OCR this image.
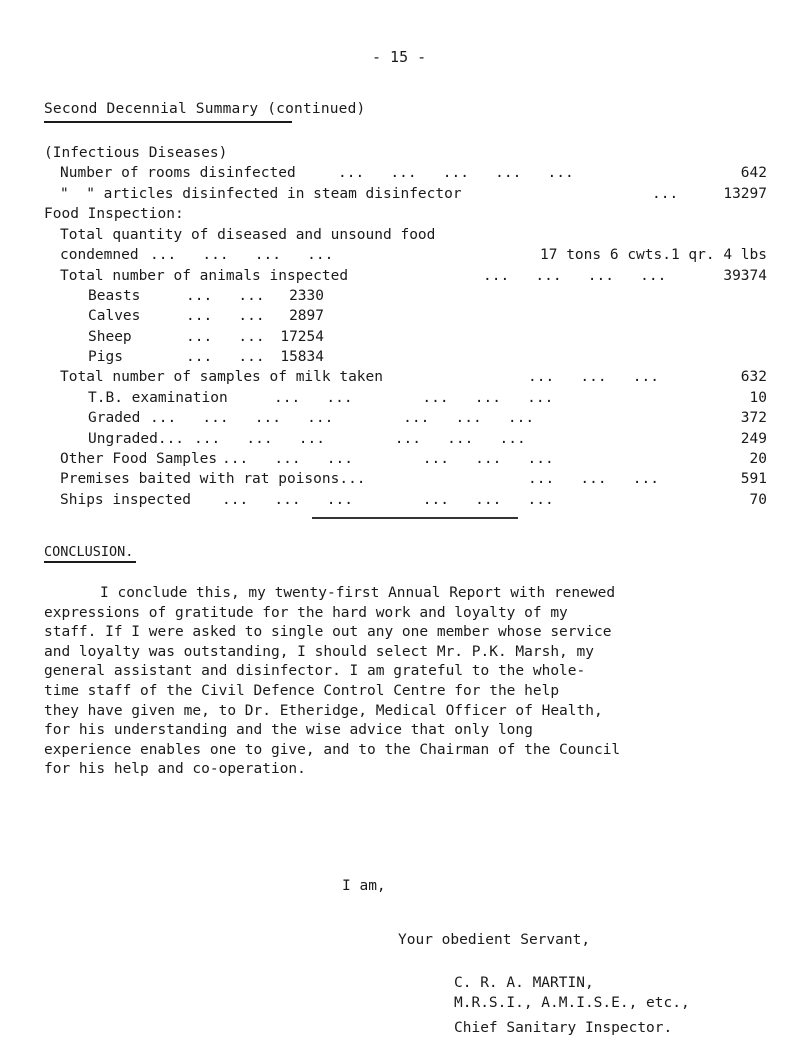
- 15 -
Second Decennial Summary (continued)
(Infectious Diseases)
Number of rooms disinfected	...   ...   ...   ...   ...	642
"  " articles disinfected in steam disinfector	...	13297
Food Inspection:
Total quantity of diseased and unsound food
condemned ...   ...   ...   ...	17 tons 6 cwts.1 qr. 4 lbs
Total number of animals inspected	...   ...   ...   ...	39374
Beasts	...   ...	2330
Calves	...   ...	2897
Sheep	...   ...	17254
Pigs	...   ...	15834
Total number of samples of milk taken	...   ...   ...	632
T.B. examination	...   ...        ...   ...   ...	10
Graded ...   ...   ...   ...        ...   ...   ...	372
Ungraded... ...   ...   ...        ...   ...   ...	249
Other Food Samples ...   ...   ...        ...   ...   ...	20
Premises baited with rat poisons...	...   ...   ...	591
Ships inspected ...   ...   ...        ...   ...   ...	70
CONCLUSION.
I conclude this, my twenty-first Annual Report with renewed
expressions of gratitude for the hard work and loyalty of my
staff. If I were asked to single out any one member whose service
and loyalty was outstanding, I should select Mr. P.K. Marsh, my
general assistant and disinfector. I am grateful to the whole-
time staff of the Civil Defence Control Centre for the help
they have given me, to Dr. Etheridge, Medical Officer of Health,
for his understanding and the wise advice that only long
experience enables one to give, and to the Chairman of the Council
for his help and co-operation.
I am,
Your obedient Servant,
C. R. A. MARTIN,
M.R.S.I., A.M.I.S.E., etc.,
Chief Sanitary Inspector.
